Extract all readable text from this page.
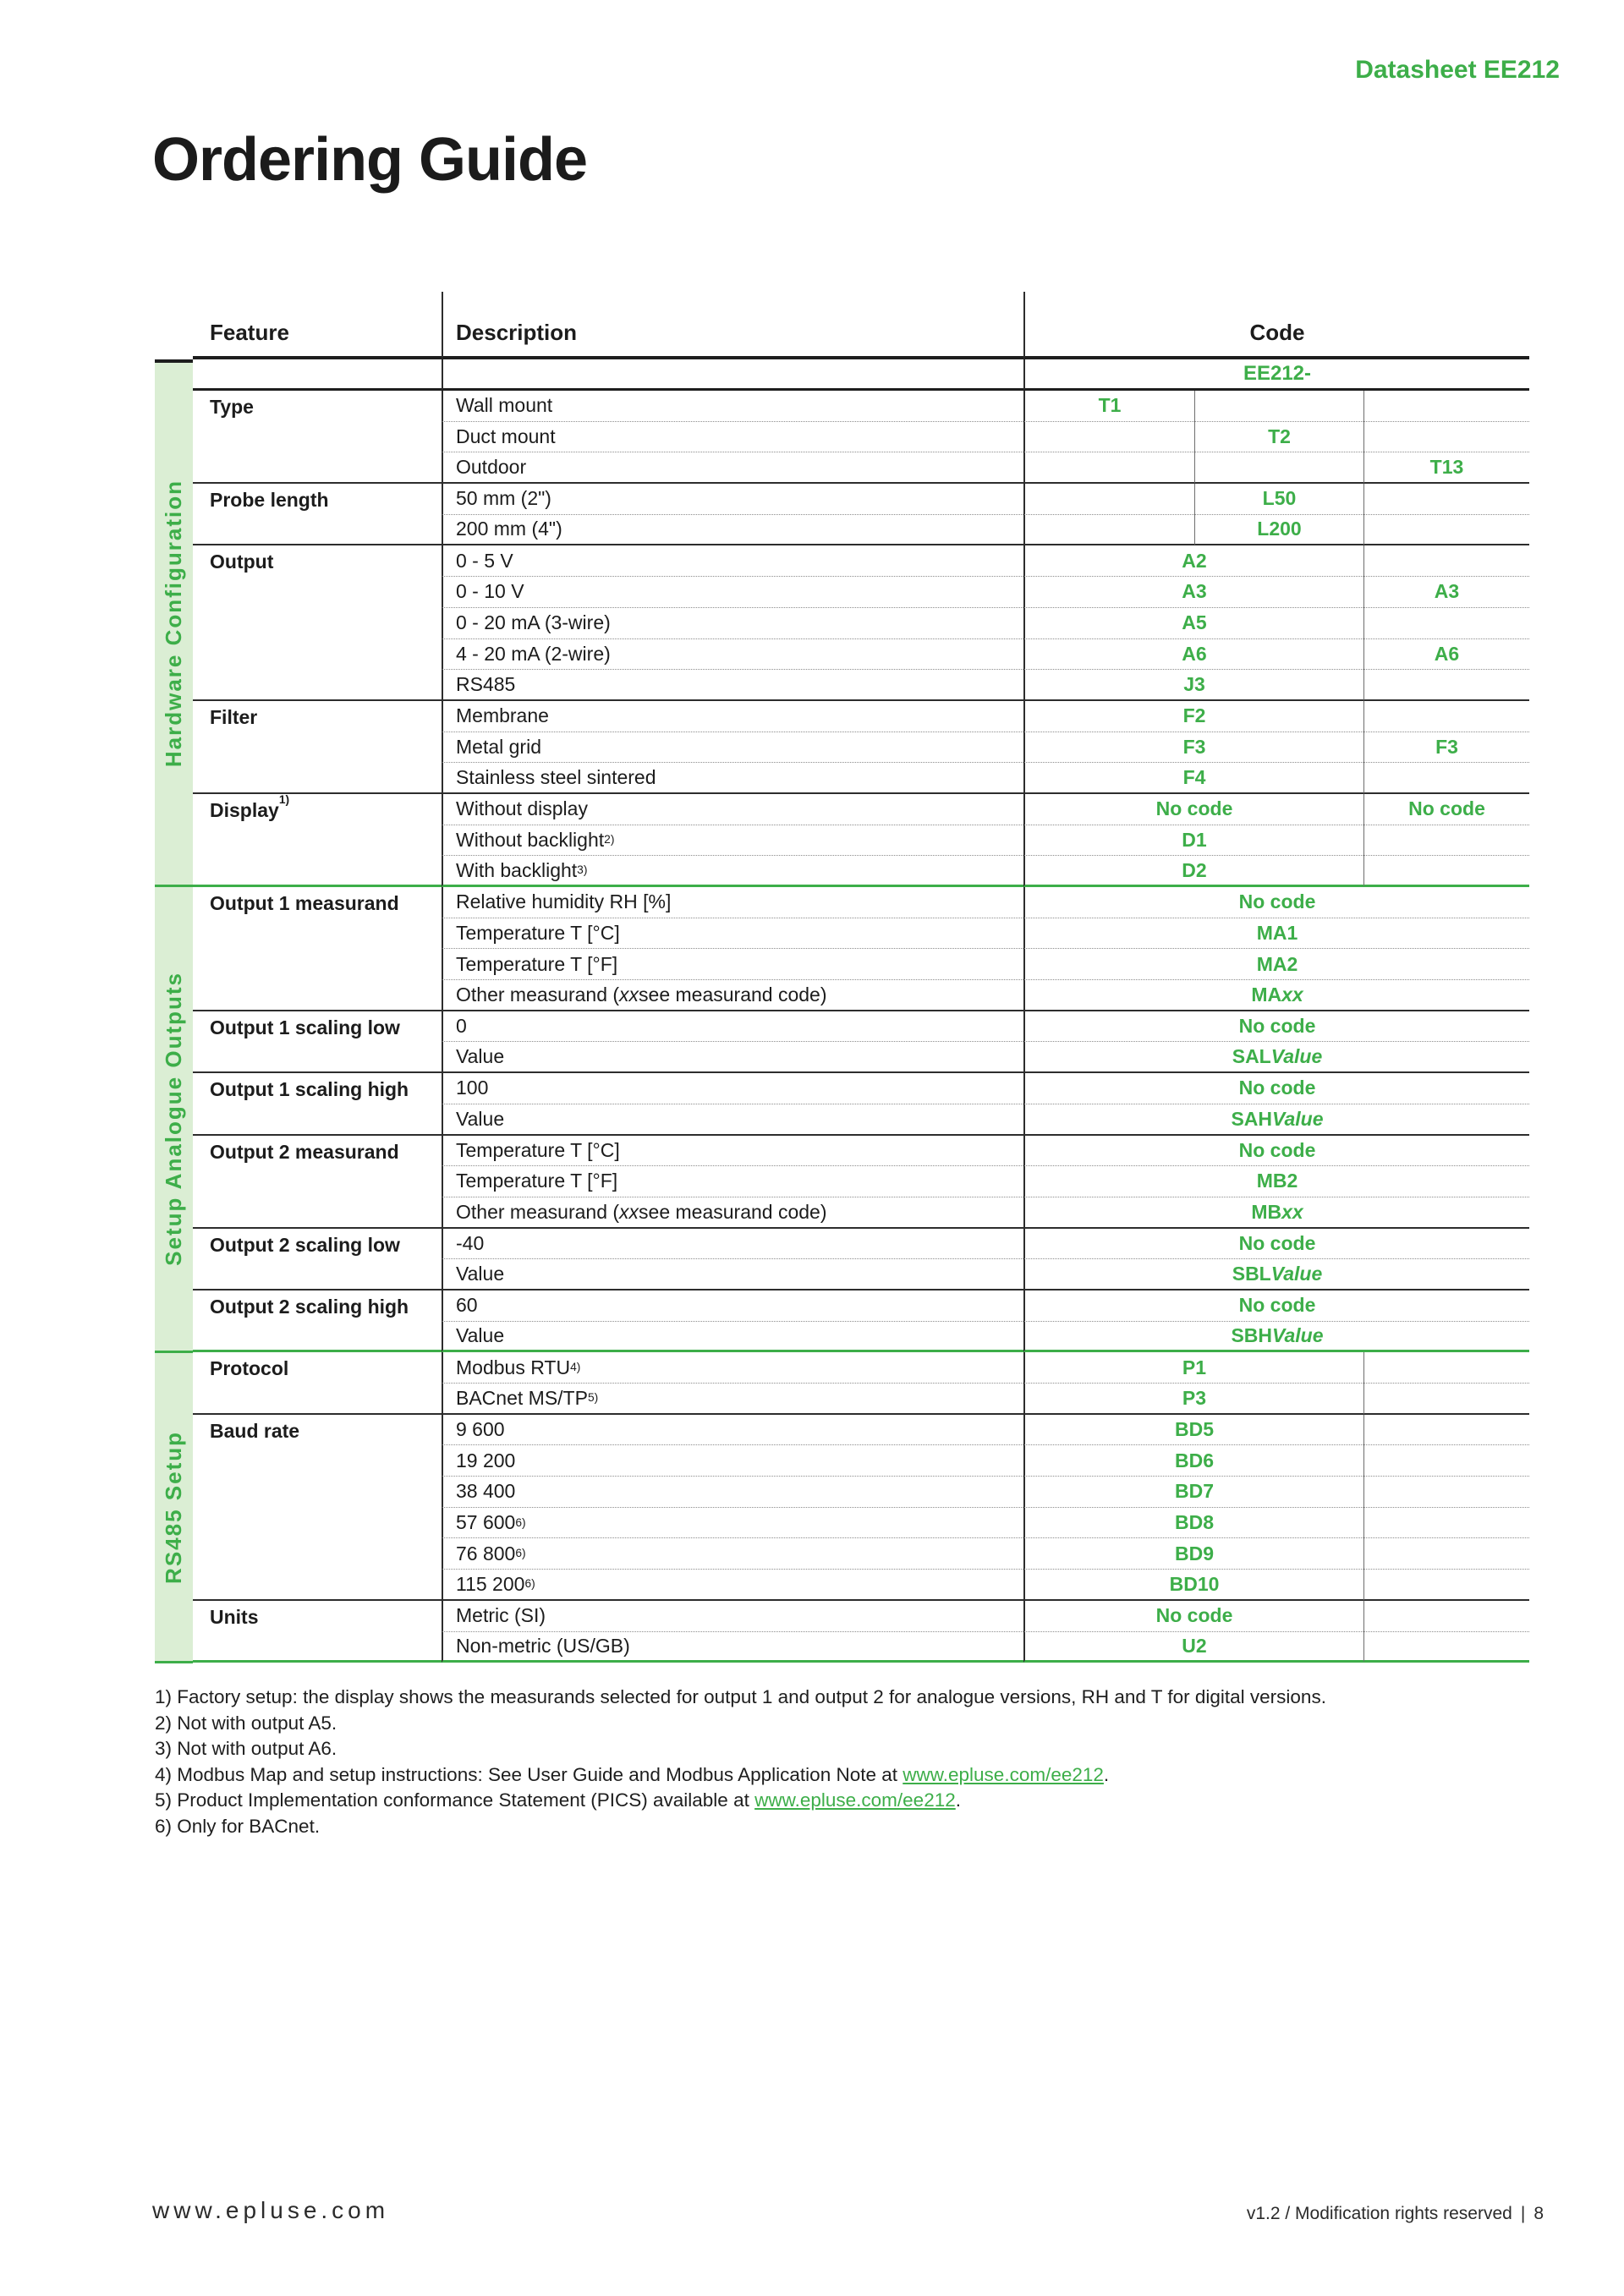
Datasheet EE212
Ordering Guide
Hardware Configuration
Setup Analogue Outputs
RS485 Setup
Feature	Description	Code
EE212-
Type	Wall mount	T1
Duct mount	T2
Outdoor	T13
Probe length	50 mm (2")	L50
200 mm (4")	L200
Output	0 - 5 V	A2
0 - 10 V	A3	A3
0 - 20 mA (3-wire)	A5
4 - 20 mA (2-wire)	A6	A6
RS485	J3
Filter	Membrane	F2
Metal grid	F3	F3
Stainless steel sintered	F4
Display 1)	Without display	No code	No code
Without backlight 2)	D1
With backlight 3)	D2
Output 1 measurand	Relative humidity RH [%]	No code
Temperature T [°C]	MA1
Temperature T [°F]	MA2
Other measurand ( xx see measurand code)	MA xx
Output 1 scaling low	0	No code
Value	SAL Value
Output 1 scaling high	100	No code
Value	SAH Value
Output 2 measurand	Temperature T [°C]	No code
Temperature T [°F]	MB2
Other measurand ( xx see measurand code)	MB xx
Output 2 scaling low	-40	No code
Value	SBL Value
Output 2 scaling high	60	No code
Value	SBH Value
Protocol	Modbus RTU 4)	P1
BACnet MS/TP 5)	P3
Baud rate	9 600	BD5
19 200	BD6
38 400	BD7
57 600 6)	BD8
76 800 6)	BD9
115 200 6)	BD10
Units	Metric (SI)	No code
Non-metric (US/GB)	U2
1) Factory setup: the display shows the measurands selected for output 1 and output 2 for analogue versions, RH and T for digital versions.
2) Not with output A5.
3) Not with output A6.
4) Modbus Map and setup instructions: See User Guide and Modbus Application Note at www.epluse.com/ee212.
5) Product Implementation conformance Statement (PICS) available at www.epluse.com/ee212.
6) Only for BACnet.
www.epluse.com	v1.2 / Modification rights reserved | 8
